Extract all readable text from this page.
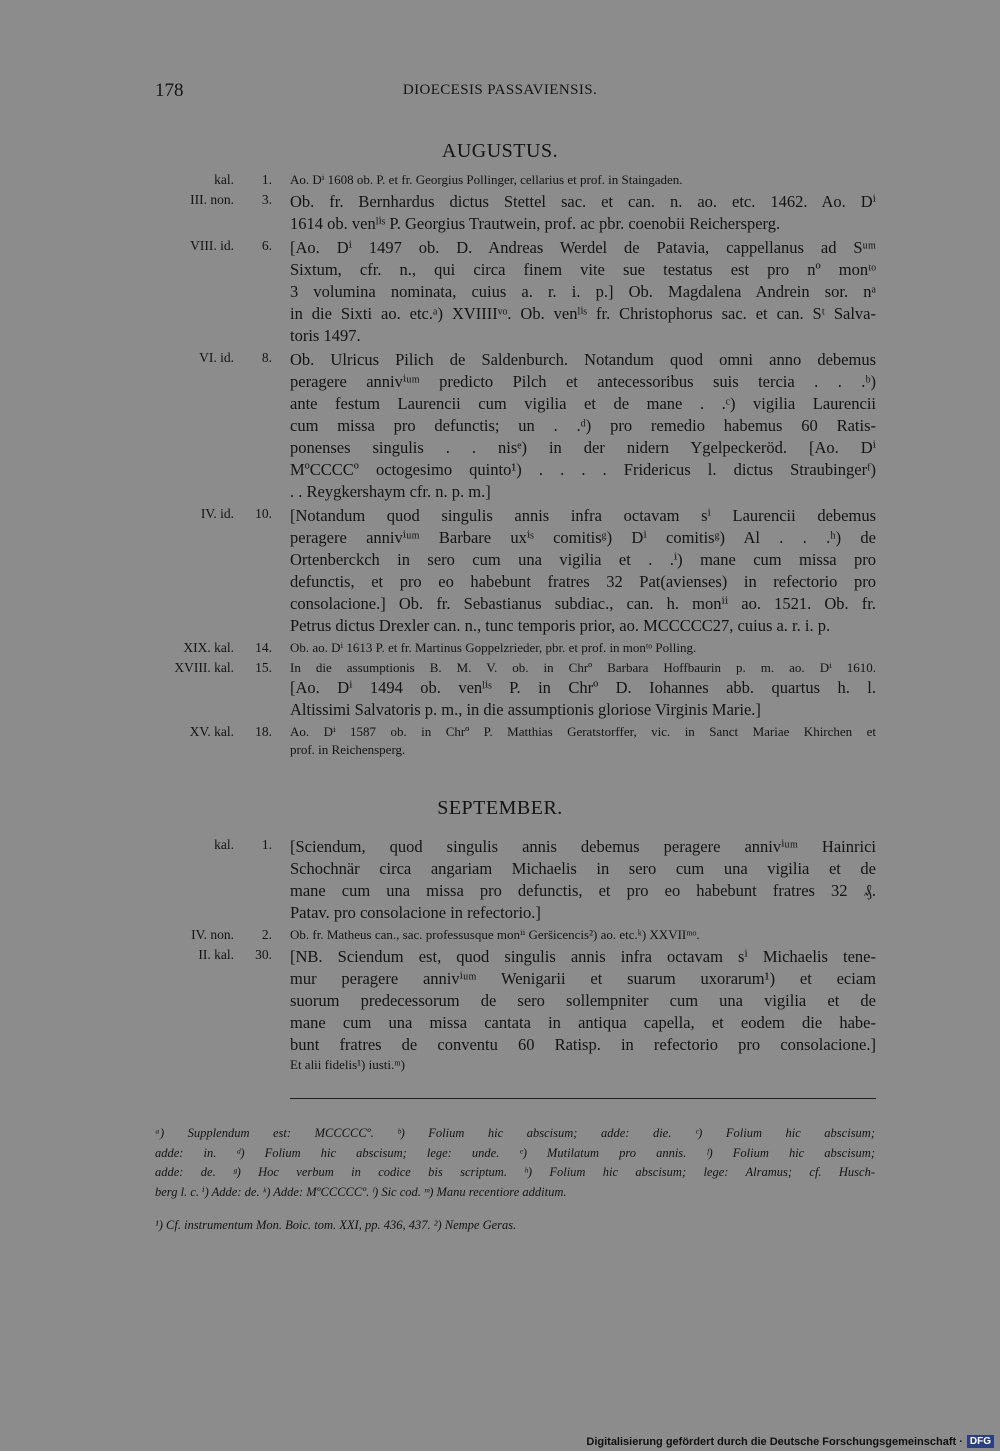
178	DIOECESIS PASSAVIENSIS.
AUGUSTUS.
kal.	1. Ao. Dⁱ 1608 ob. P. et fr. Georgius Pollinger, cellarius et prof. in Staingaden.

III. non.	3. Ob. fr. Bernhardus dictus Stettel sac. et can. n. ao. etc. 1462. Ao. Dⁱ

1614 ob. venˡⁱˢ P. Georgius Trautwein, prof. ac pbr. coenobii Reichersperg.

VIII. id.	6. [Ao. Dⁱ 1497 ob. D. Andreas Werdel de Patavia, cappellanus ad Sᵘᵐ

Sixtum, cfr. n., qui circa finem vite sue testatus est pro nº monᵗᵒ

3 volumina nominata, cuius a. r. i. p.] Ob. Magdalena Andrein sor. nᵃ

in die Sixti ao. etc.ᵃ) XVIIIIᵛᵒ. Ob. venˡⁱˢ fr. Christophorus sac. et can. Sᵗ Salva-

toris 1497.

VI. id.	8. Ob. Ulricus Pilich de Saldenburch. Notandum quod omni anno debemus

peragere annivⁱᵘᵐ predicto Pilch et antecessoribus suis tercia . . .ᵇ)

ante festum Laurencii cum vigilia et de mane . .ᶜ) vigilia Laurencii

cum missa pro defunctis; un . .ᵈ) pro remedio habemus 60 Ratis-

ponenses singulis . . nisᵉ) in der nidern Ygelpeckeröd. [Ao. Dⁱ

MºCCCCº octogesimo quinto¹) . . . . Fridericus l. dictus Straubingerᶠ)

. . Reygkershaym cfr. n. p. m.]

IV. id.	10. [Notandum quod singulis annis infra octavam sⁱ Laurencii debemus

peragere annivⁱᵘᵐ Barbare uxⁱˢ comitisᵍ) Dⁱ comitisᵍ) Al . . .ʰ) de

Ortenberckch in sero cum una vigilia et . .ⁱ) mane cum missa pro

defunctis, et pro eo habebunt fratres 32 Pat(avienses) in refectorio pro

consolacione.] Ob. fr. Sebastianus subdiac., can. h. monⁱⁱ ao. 1521. Ob. fr.

Petrus dictus Drexler can. n., tunc temporis prior, ao. MCCCCC27, cuius a. r. i. p.

XIX. kal.	14. Ob. ao. Dⁱ 1613 P. et fr. Martinus Goppelzrieder, pbr. et prof. in monᵗᵒ Polling.

XVIII. kal.	15. In die assumptionis B. M. V. ob. in Chrº Barbara Hoffbaurin p. m. ao. Dⁱ 1610.

[Ao. Dⁱ 1494 ob. venˡⁱˢ P. in Chrº D. Iohannes abb. quartus h. l.

Altissimi Salvatoris p. m., in die assumptionis gloriose Virginis Marie.]

XV. kal.	18. Ao. Dⁱ 1587 ob. in Chrº P. Matthias Geratstorffer, vic. in Sanct Mariae Khirchen et

prof. in Reichensperg.

SEPTEMBER.
kal.	1. [Sciendum, quod singulis annis debemus peragere annivⁱᵘᵐ Hainrici

Schochnär circa angariam Michaelis in sero cum una vigilia et de

mane cum una missa pro defunctis, et pro eo habebunt fratres 32 ₰.

Patav. pro consolacione in refectorio.]

IV. non.	2. Ob. fr. Matheus can., sac. professusque monⁱⁱ Geršicencis²) ao. etc.ᵏ) XXVIIᵐᵒ.

II. kal.	30. [NB. Sciendum est, quod singulis annis infra octavam sⁱ Michaelis tene-

mur peragere annivⁱᵘᵐ Wenigarii et suarum uxorarum¹) et eciam

suorum predecessorum de sero sollempniter cum una vigilia et de

mane cum una missa cantata in antiqua capella, et eodem die habe-

bunt fratres de conventu 60 Ratisp. in refectorio pro consolacione.]

Et alii fidelis¹) iusti.ᵐ)

ᵃ) Supplendum est: MCCCCCº. ᵇ) Folium hic abscisum; adde: die. ᶜ) Folium hic abscisum;

adde: in. ᵈ) Folium hic abscisum; lege: unde. ᵉ) Mutilatum pro annis. ᶠ) Folium hic abscisum;

adde: de. ᵍ) Hoc verbum in codice bis scriptum. ʰ) Folium hic abscisum; lege: Alramus; cf. Husch-

berg l. c. ⁱ) Adde: de. ᵏ) Adde: MºCCCCCº. ˡ) Sic cod. ᵐ) Manu recentiore additum.

¹) Cf. instrumentum Mon. Boic. tom. XXI, pp. 436, 437. ²) Nempe Geras.

Digitalisierung gefördert durch die Deutsche Forschungsgemeinschaft · DFG
